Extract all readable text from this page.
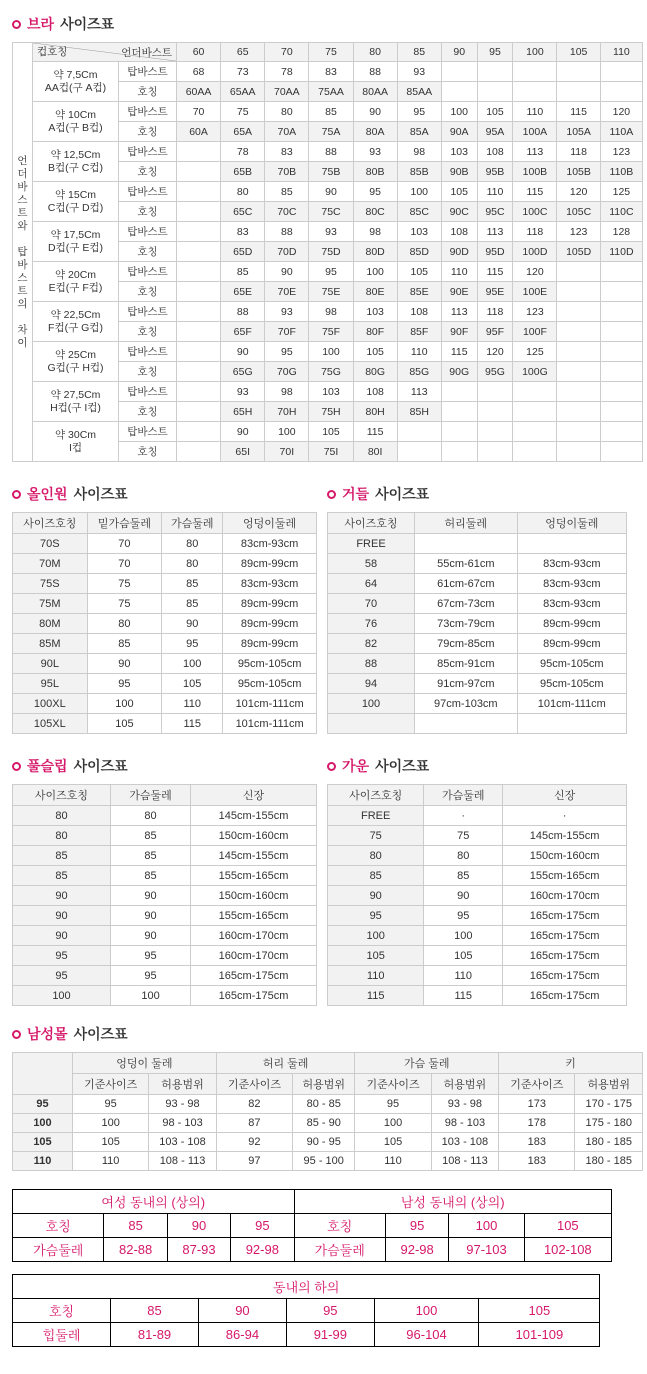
브라 사이즈표
언
더
바
스
트
와

탑
바
스
트
의

차
이	
언더바스트
컵호칭	60	65	70	75	80	85	90	95	100	105	110
	약 7,5Cm
AA컵(구 A컵)	탑바스트	68	73	78	83	88	93					
		호칭	60AA	65AA	70AA	75AA	80AA	85AA					
	약 10Cm
A컵(구 B컵)	탑바스트	70	75	80	85	90	95	100	105	110	115	120
		호칭	60A	65A	70A	75A	80A	85A	90A	95A	100A	105A	110A
	약 12,5Cm
B컵(구 C컵)	탑바스트		78	83	88	93	98	103	108	113	118	123
		호칭		65B	70B	75B	80B	85B	90B	95B	100B	105B	110B
	약 15Cm
C컵(구 D컵)	탑바스트		80	85	90	95	100	105	110	115	120	125
		호칭		65C	70C	75C	80C	85C	90C	95C	100C	105C	110C
	약 17,5Cm
D컵(구 E컵)	탑바스트		83	88	93	98	103	108	113	118	123	128
		호칭		65D	70D	75D	80D	85D	90D	95D	100D	105D	110D
	약 20Cm
E컵(구 F컵)	탑바스트		85	90	95	100	105	110	115	120		
		호칭		65E	70E	75E	80E	85E	90E	95E	100E		
	약 22,5Cm
F컵(구 G컵)	탑바스트		88	93	98	103	108	113	118	123		
		호칭		65F	70F	75F	80F	85F	90F	95F	100F		
	약 25Cm
G컵(구 H컵)	탑바스트		90	95	100	105	110	115	120	125		
		호칭		65G	70G	75G	80G	85G	90G	95G	100G		
	약 27,5Cm
H컵(구 I컵)	탑바스트		93	98	103	108	113					
		호칭		65H	70H	75H	80H	85H					
	약 30Cm
I컵	탑바스트		90	100	105	115						
		호칭		65I	70I	75I	80I						
올인원 사이즈표
사이즈호칭	밑가슴둘레	가슴둘레	엉덩이둘레
70S	70	80	83cm-93cm
70M	70	80	89cm-99cm
75S	75	85	83cm-93cm
75M	75	85	89cm-99cm
80M	80	90	89cm-99cm
85M	85	95	89cm-99cm
90L	90	100	95cm-105cm
95L	95	105	95cm-105cm
100XL	100	110	101cm-111cm
105XL	105	115	101cm-111cm
거들 사이즈표
사이즈호칭	허리둘레	엉덩이둘레
FREE		
58	55cm-61cm	83cm-93cm
64	61cm-67cm	83cm-93cm
70	67cm-73cm	83cm-93cm
76	73cm-79cm	89cm-99cm
82	79cm-85cm	89cm-99cm
88	85cm-91cm	95cm-105cm
94	91cm-97cm	95cm-105cm
100	97cm-103cm	101cm-111cm

풀슬립 사이즈표
사이즈호칭	가슴둘레	신장
80	80	145cm-155cm
80	85	150cm-160cm
85	85	145cm-155cm
85	85	155cm-165cm
90	90	150cm-160cm
90	90	155cm-165cm
90	90	160cm-170cm
95	95	160cm-170cm
95	95	165cm-175cm
100	100	165cm-175cm
가운 사이즈표
사이즈호칭	가슴둘레	신장
FREE	·	·
75	75	145cm-155cm
80	80	150cm-160cm
85	85	155cm-165cm
90	90	160cm-170cm
95	95	165cm-175cm
100	100	165cm-175cm
105	105	165cm-175cm
110	110	165cm-175cm
115	115	165cm-175cm
남성몰 사이즈표
	엉덩이 둘레		허리 둘레		가슴 둘레		키	
	기준사이즈	허용범위	기준사이즈	허용범위	기준사이즈	허용범위	기준사이즈	허용범위
95	95	93 - 98	82	80 - 85	95	93 - 98	173	170 - 175
100	100	98 - 103	87	85 - 90	100	98 - 103	178	175 - 180
105	105	103 - 108	92	90 - 95	105	103 - 108	183	180 - 185
110	110	108 - 113	97	95 - 100	110	108 - 113	183	180 - 185
여성 동내의 (상의)				남성 동내의 (상의)			
호칭	85	90	95	호칭	95	100	105
가슴둘레	82-88	87-93	92-98	가슴둘레	92-98	97-103	102-108
동내의 하의						
호칭	85	90	95	100	105	
힙둘레	81-89	86-94	91-99	96-104	101-109	
